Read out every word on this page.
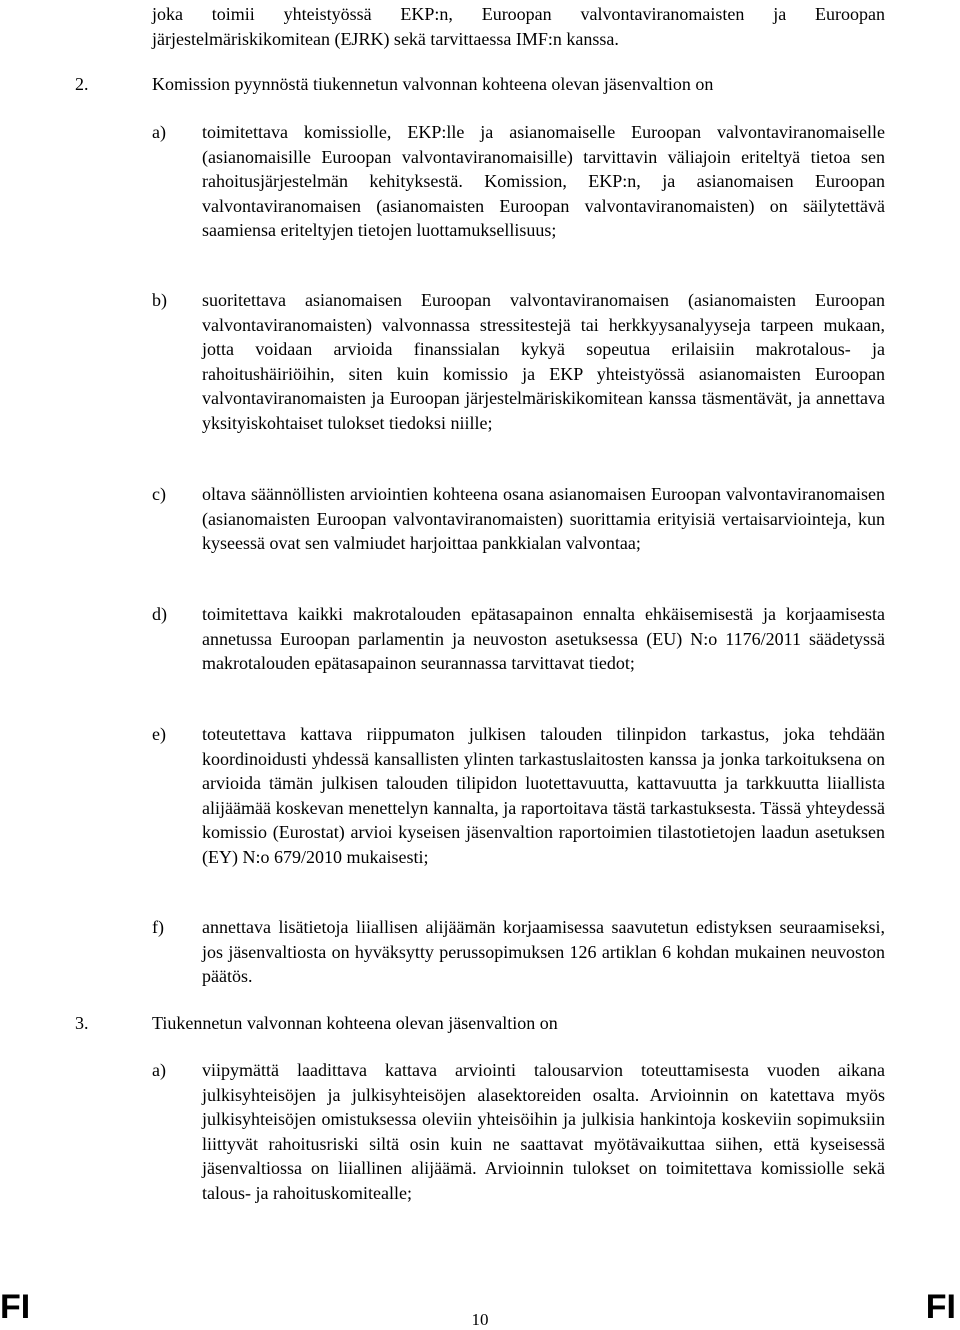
joka toimii yhteistyössä EKP:n, Euroopan valvontaviranomaisten ja Euroopan järjestelmäriskikomitean (EJRK) sekä tarvittaessa IMF:n kanssa.
2.	Komission pyynnöstä tiukennetun valvonnan kohteena olevan jäsenvaltion on
a) toimitettava komissiolle, EKP:lle ja asianomaiselle Euroopan valvontaviranomaiselle (asianomaisille Euroopan valvontaviranomaisille) tarvittavin väliajoin eriteltyä tietoa sen rahoitusjärjestelmän kehityksestä. Komission, EKP:n, ja asianomaisen Euroopan valvontaviranomaisen (asianomaisten Euroopan valvontaviranomaisten) on säilytettävä saamiensa eriteltyjen tietojen luottamuksellisuus;
b) suoritettava asianomaisen Euroopan valvontaviranomaisen (asianomaisten Euroopan valvontaviranomaisten) valvonnassa stressitestejä tai herkkyysanalyyseja tarpeen mukaan, jotta voidaan arvioida finanssialan kykyä sopeutua erilaisiin makrotalous- ja rahoitushäiriöihin, siten kuin komissio ja EKP yhteistyössä asianomaisten Euroopan valvontaviranomaisten ja Euroopan järjestelmäriskikomitean kanssa täsmentävät, ja annettava yksityiskohtaiset tulokset tiedoksi niille;
c) oltava säännöllisten arviointien kohteena osana asianomaisen Euroopan valvontaviranomaisen (asianomaisten Euroopan valvontaviranomaisten) suorittamia erityisiä vertaisarviointeja, kun kyseessä ovat sen valmiudet harjoittaa pankkialan valvontaa;
d) toimitettava kaikki makrotalouden epätasapainon ennalta ehkäisemisestä ja korjaamisesta annetussa Euroopan parlamentin ja neuvoston asetuksessa (EU) N:o 1176/2011 säädetyssä makrotalouden epätasapainon seurannassa tarvittavat tiedot;
e) toteutettava kattava riippumaton julkisen talouden tilinpidon tarkastus, joka tehdään koordinoidusti yhdessä kansallisten ylinten tarkastuslaitosten kanssa ja jonka tarkoituksena on arvioida tämän julkisen talouden tilipidon luotettavuutta, kattavuutta ja tarkkuutta liiallista alijäämää koskevan menettelyn kannalta, ja raportoitava tästä tarkastuksesta. Tässä yhteydessä komissio (Eurostat) arvioi kyseisen jäsenvaltion raportoimien tilastotietojen laadun asetuksen (EY) N:o 679/2010 mukaisesti;
f) annettava lisätietoja liiallisen alijäämän korjaamisessa saavutetun edistyksen seuraamiseksi, jos jäsenvaltiosta on hyväksytty perussopimuksen 126 artiklan 6 kohdan mukainen neuvoston päätös.
3.	Tiukennetun valvonnan kohteena olevan jäsenvaltion on
a) viipymättä laadittava kattava arviointi talousarvion toteuttamisesta vuoden aikana julkisyhteisöjen ja julkisyhteisöjen alasektoreiden osalta. Arvioinnin on katettava myös julkisyhteisöjen omistuksessa oleviin yhteisöihin ja julkisia hankintoja koskeviin sopimuksiin liittyvät rahoitusriski siltä osin kuin ne saattavat myötävaikuttaa siihen, että kyseisessä jäsenvaltiossa on liiallinen alijäämä. Arvioinnin tulokset on toimitettava komissiolle sekä talous- ja rahoituskomitealle;
FI	10	FI
